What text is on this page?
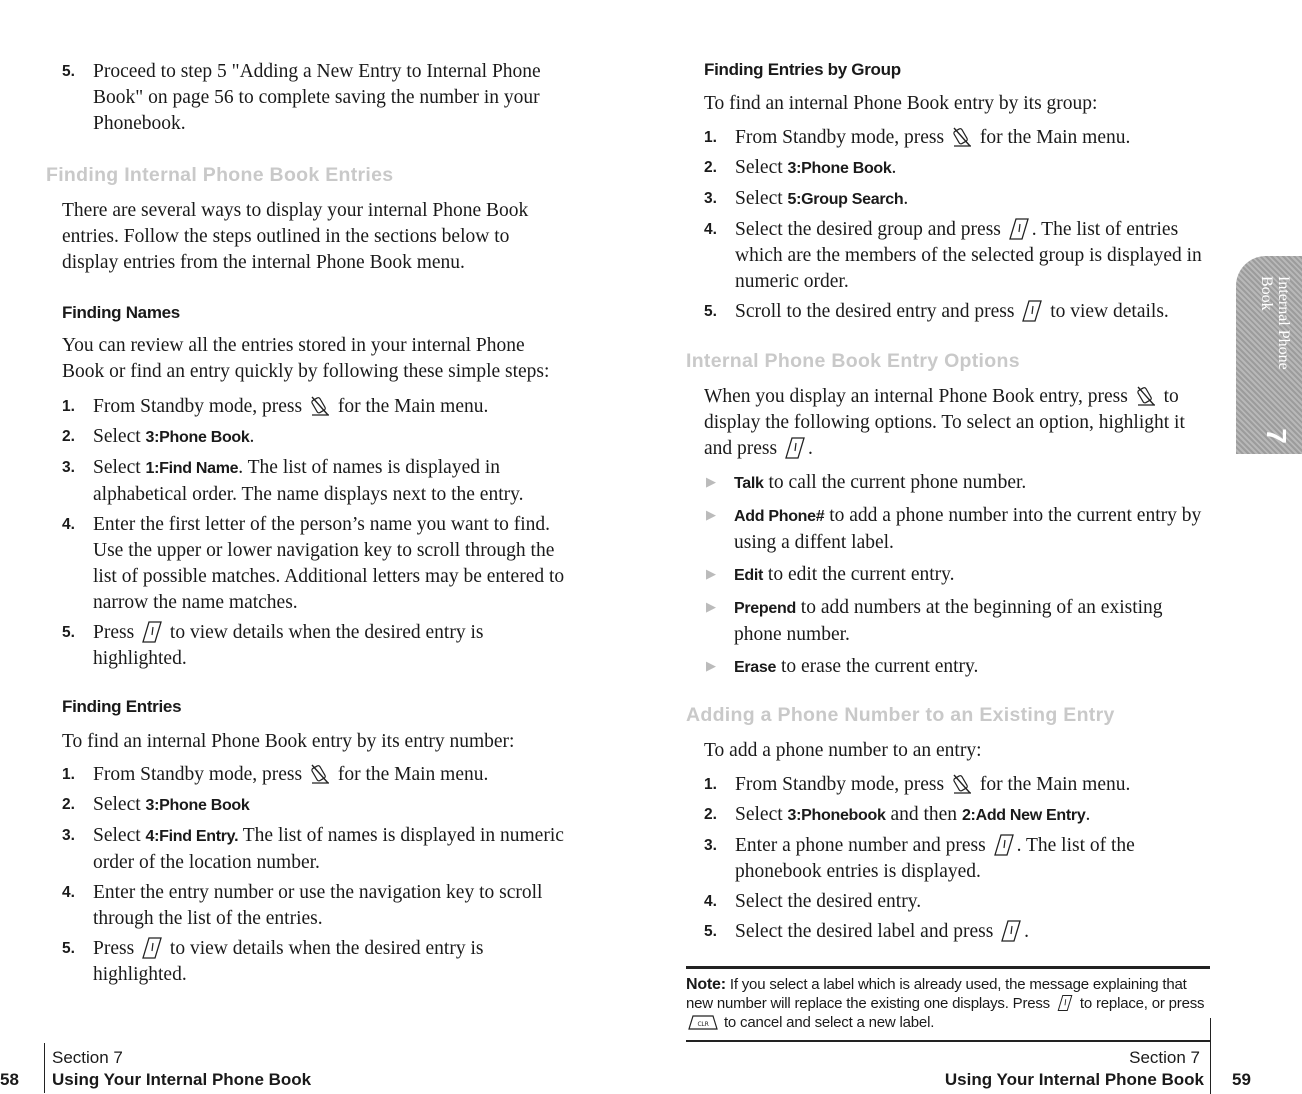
5. Proceed to step 5 "Adding a New Entry to Internal Phone Book" on page 56 to complete saving the number in your Phonebook.
Finding Internal Phone Book Entries

There are several ways to display your internal Phone Book entries. Follow the steps outlined in the sections below to display entries from the internal Phone Book menu.

Finding Names

You can review all the entries stored in your internal Phone Book or find an entry quickly by following these simple steps:

1. From Standby mode, press for the Main menu.
2. Select 3:Phone Book.
3. Select 1:Find Name. The list of names is displayed in alphabetical order. The name displays next to the entry.
4. Enter the first letter of the person’s name you want to find. Use the upper or lower navigation key to scroll through the list of possible matches. Additional letters may be entered to narrow the name matches.
5. Press to view details when the desired entry is highlighted.
Finding Entries

To find an internal Phone Book entry by its entry number:

1. From Standby mode, press for the Main menu.
2. Select 3:Phone Book
3. Select 4:Find Entry. The list of names is displayed in numeric order of the location number.
4. Enter the entry number or use the navigation key to scroll through the list of the entries.
5. Press to view details when the desired entry is highlighted.
Finding Entries by Group

To find an internal Phone Book entry by its group:

1. From Standby mode, press for the Main menu.
2. Select 3:Phone Book.
3. Select 5:Group Search.
4. Select the desired group and press . The list of entries which are the members of the selected group is displayed in numeric order.
5. Scroll to the desired entry and press to view details.
Internal Phone Book Entry Options

When you display an internal Phone Book entry, press to display the following options. To select an option, highlight it and press .

▶ Talk to call the current phone number.
▶ Add Phone# to add a phone number into the current entry by using a diffent label.
▶ Edit to edit the current entry.
▶ Prepend to add numbers at the beginning of an existing phone number.
▶ Erase to erase the current entry.
Adding a Phone Number to an Existing Entry

To add a phone number to an entry:

1. From Standby mode, press for the Main menu.
2. Select 3:Phonebook and then 2:Add New Entry.
3. Enter a phone number and press . The list of the phonebook entries is displayed.
4. Select the desired entry.
5. Select the desired label and press .
Note: If you select a label which is already used, the message explaining that new number will replace the existing one displays. Press to replace, or press
CLR to cancel and select a new label.
Internal Phone Book
7
58
Section 7
Using Your Internal Phone Book
Section 7
Using Your Internal Phone Book 59
